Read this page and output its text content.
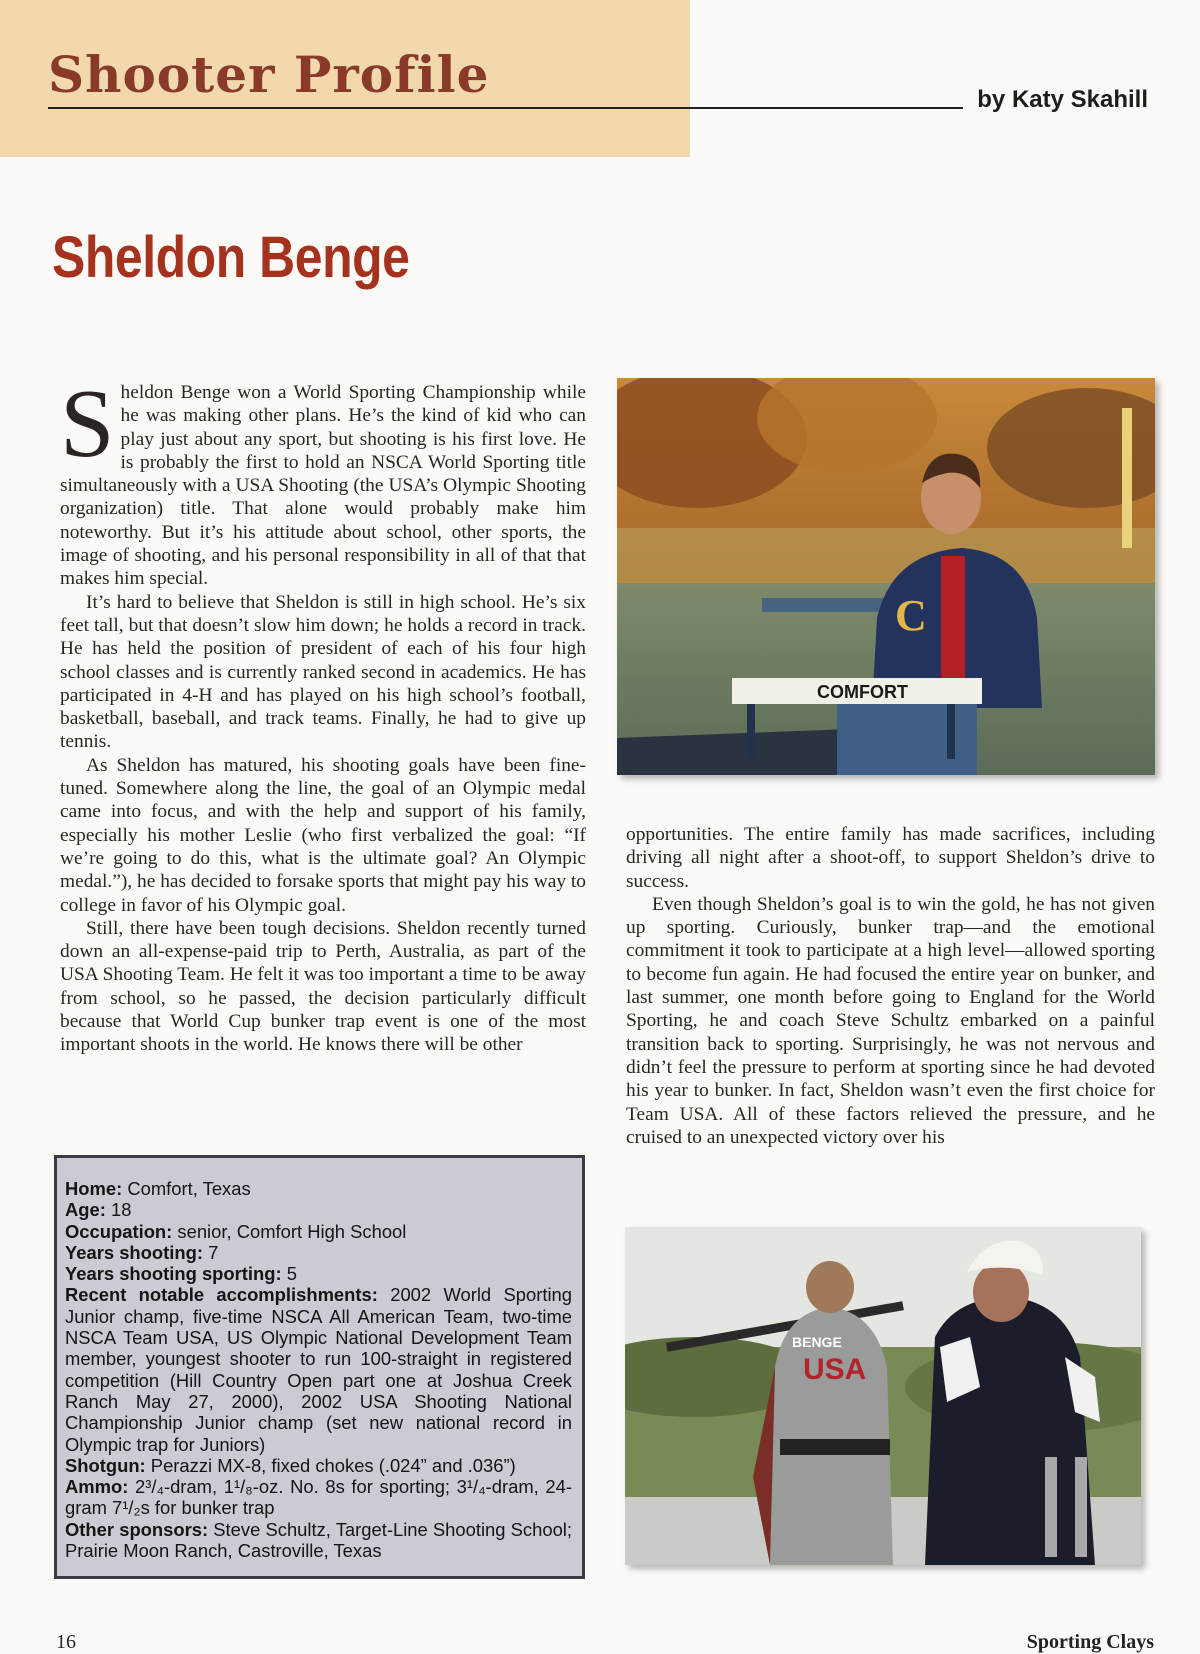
Shooter Profile	by Katy Skahill
Sheldon Benge

Sheldon Benge won a World Sporting Championship while he was making other plans. He’s the kind of kid who can play just about any sport, but shooting is his first love. He is probably the first to hold an NSCA World Sporting title simultaneously with a USA Shooting (the USA’s Olympic Shooting organization) title. That alone would probably make him noteworthy. But it’s his attitude about school, other sports, the image of shooting, and his personal responsibility in all of that that makes him special.

It’s hard to believe that Sheldon is still in high school. He’s six feet tall, but that doesn’t slow him down; he holds a record in track. He has held the position of president of each of his four high school classes and is currently ranked second in academics. He has participated in 4-H and has played on his high school’s football, basketball, baseball, and track teams. Finally, he had to give up tennis.

As Sheldon has matured, his shooting goals have been fine-tuned. Somewhere along the line, the goal of an Olympic medal came into focus, and with the help and support of his family, especially his mother Leslie (who first verbalized the goal: “If we’re going to do this, what is the ultimate goal? An Olympic medal.”), he has decided to forsake sports that might pay his way to college in favor of his Olympic goal.

Still, there have been tough decisions. Sheldon recently turned down an all-expense-paid trip to Perth, Australia, as part of the USA Shooting Team. He felt it was too important a time to be away from school, so he passed, the decision particularly difficult because that World Cup bunker trap event is one of the most important shoots in the world. He knows there will be other

C
COMFORT

opportunities. The entire family has made sacrifices, including driving all night after a shoot-off, to support Sheldon’s drive to success.

Even though Sheldon’s goal is to win the gold, he has not given up sporting. Curiously, bunker trap—and the emotional commitment it took to participate at a high level—allowed sporting to become fun again. He had focused the entire year on bunker, and last summer, one month before going to England for the World Sporting, he and coach Steve Schultz embarked on a painful transition back to sporting. Surprisingly, he was not nervous and didn’t feel the pressure to perform at sporting since he had devoted his year to bunker. In fact, Sheldon wasn’t even the first choice for Team USA. All of these factors relieved the pressure, and he cruised to an unexpected victory over his

BENGE
USA

Home: Comfort, Texas

Age: 18

Occupation: senior, Comfort High School

Years shooting: 7

Years shooting sporting: 5

Recent notable accomplishments: 2002 World Sporting Junior champ, five-time NSCA All American Team, two-time NSCA Team USA, US Olympic National Development Team member, youngest shooter to run 100-straight in registered competition (Hill Country Open part one at Joshua Creek Ranch May 27, 2000), 2002 USA Shooting National Championship Junior champ (set new national record in Olympic trap for Juniors)

Shotgun: Perazzi MX-8, fixed chokes (.024” and .036”)

Ammo: 2³/₄-dram, 1¹/₈-oz. No. 8s for sporting; 3¹/₄-dram, 24-gram 7¹/₂s for bunker trap

Other sponsors: Steve Schultz, Target-Line Shooting School; Prairie Moon Ranch, Castroville, Texas

16	Sporting Clays
